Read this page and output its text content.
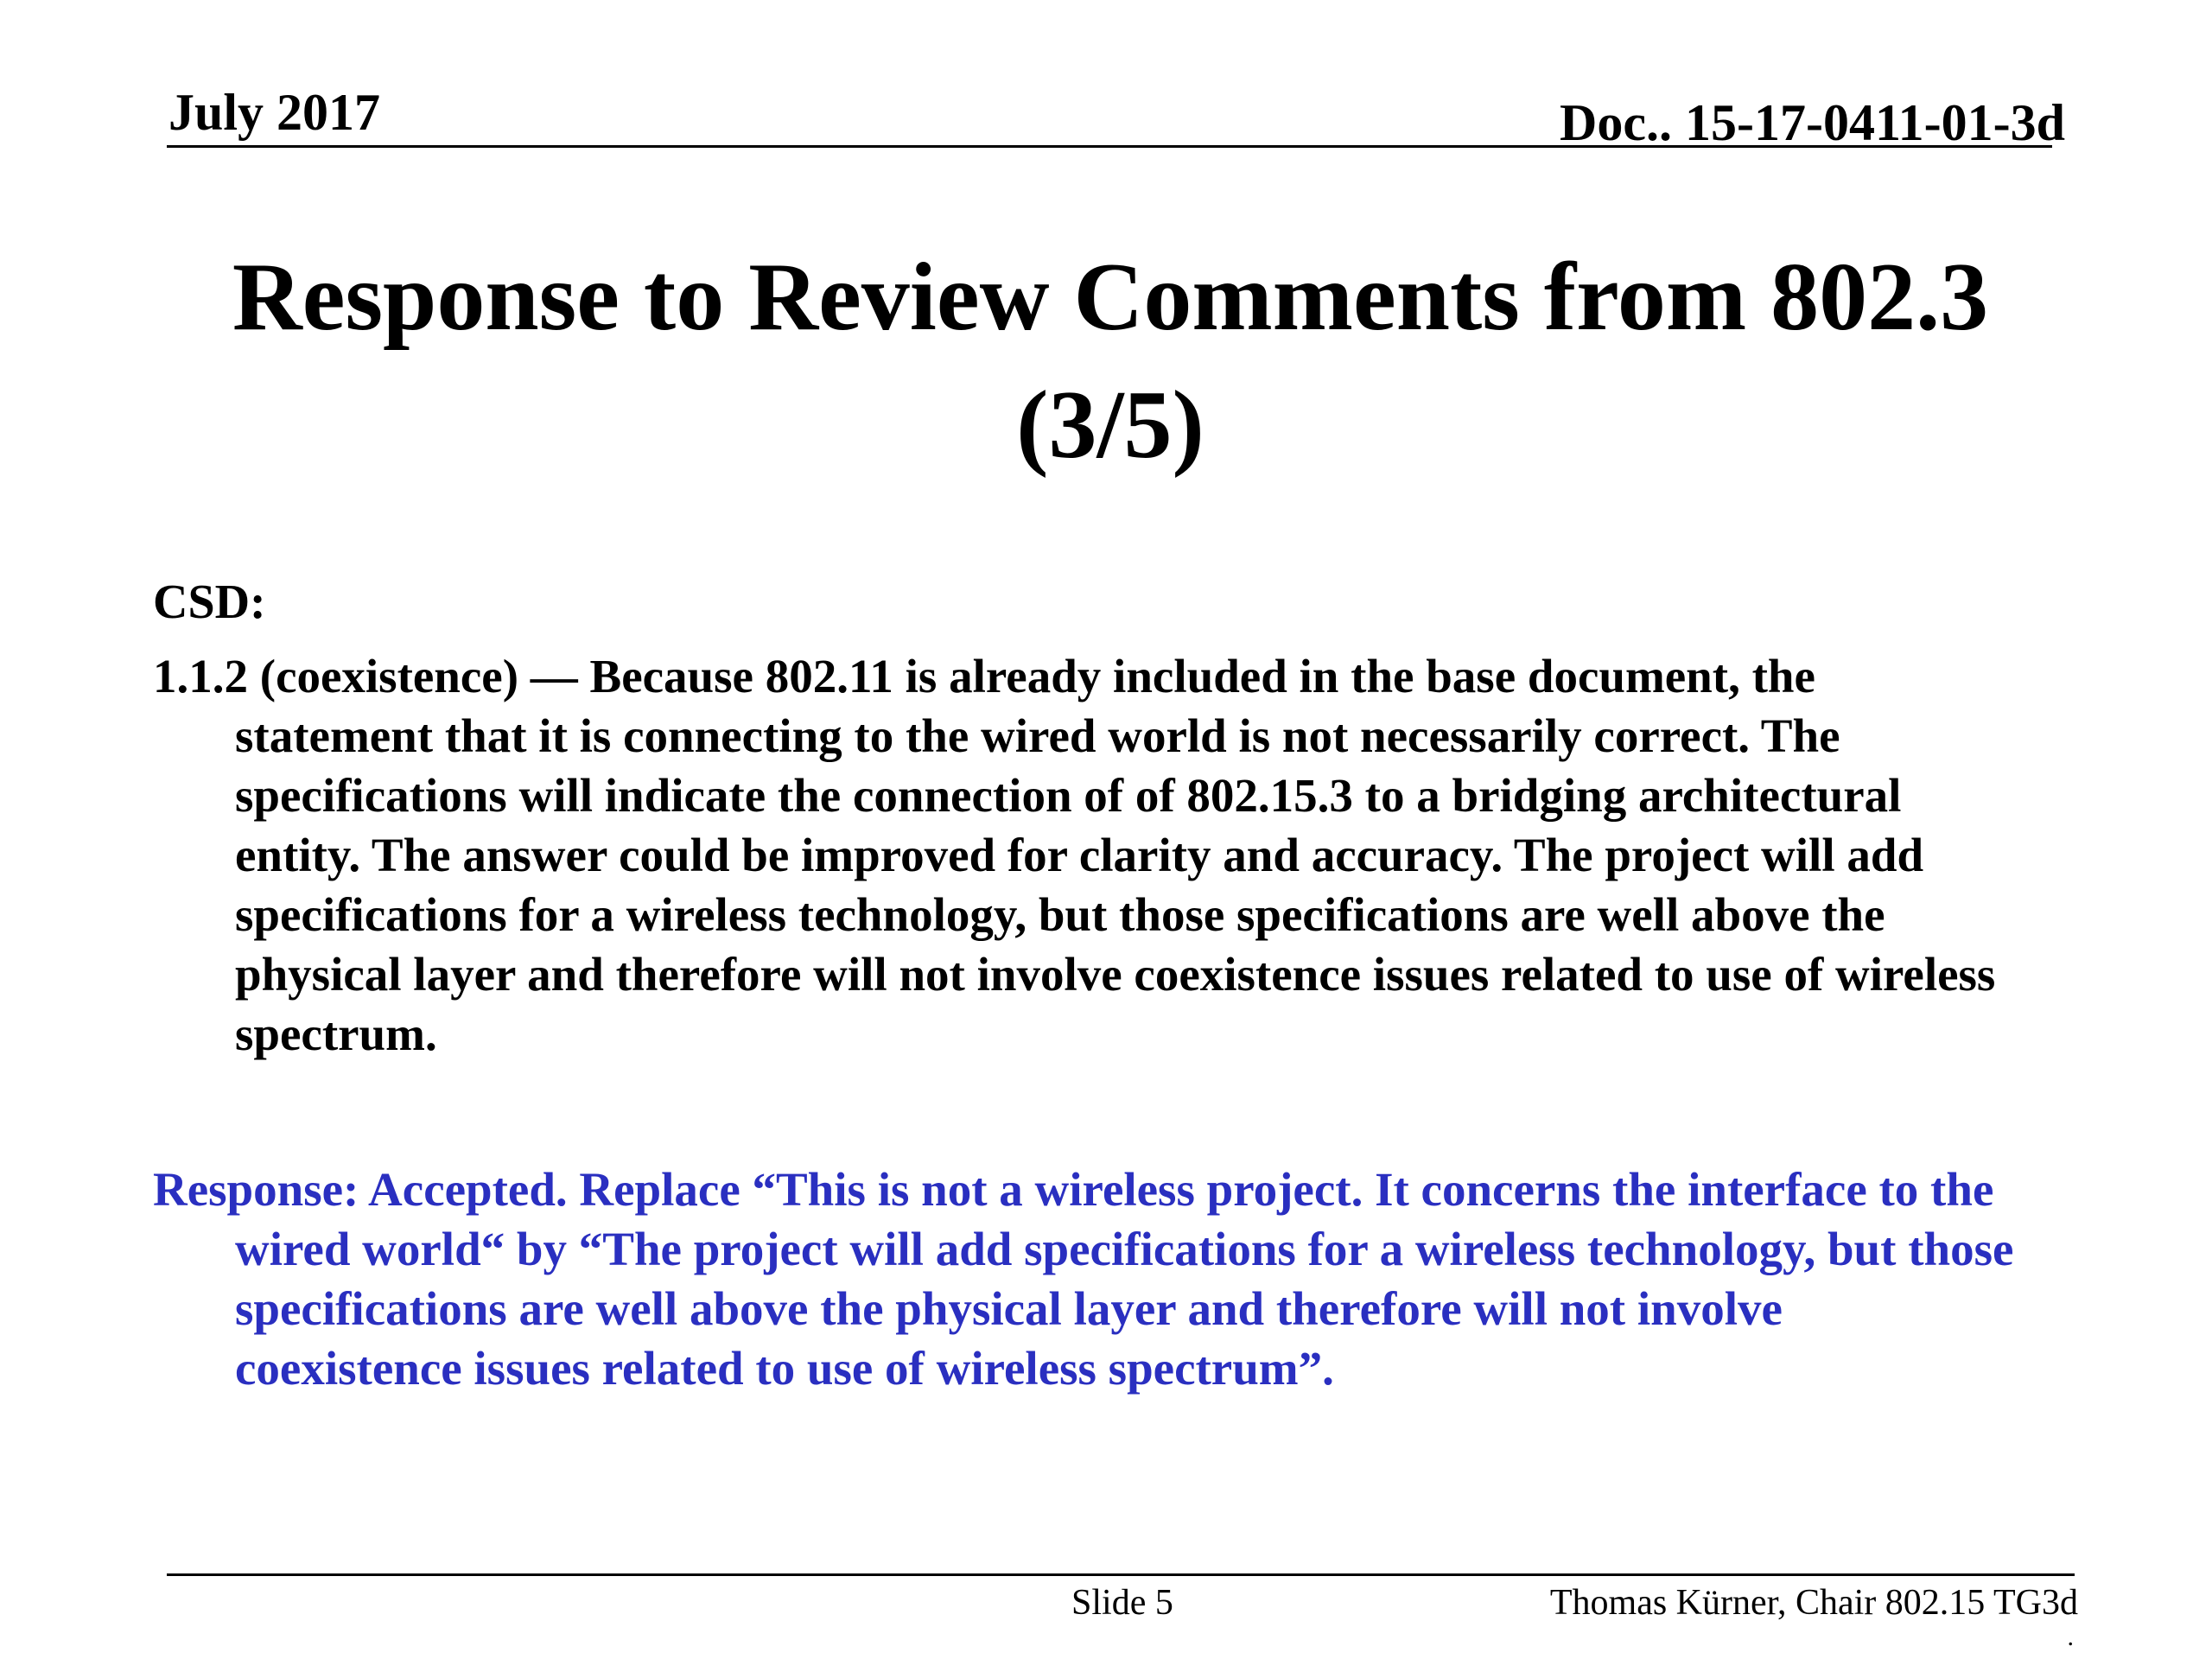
July 2017	Doc.. 15-17-0411-01-3d
Response to Review Comments from 802.3
(3/5)
CSD:
1.1.2 (coexistence) — Because 802.11 is already included in the base document, the statement that it is connecting to the wired world is not necessarily correct. The specifications will indicate the connection of of 802.15.3 to a bridging architectural entity. The answer could be improved for clarity and accuracy. The project will add specifications for a wireless technology, but those specifications are well above the physical layer and therefore will not involve coexistence issues related to use of wireless spectrum.
Response: Accepted. Replace “This is not a wireless project. It concerns the interface to the wired world“ by “The project will add specifications for a wireless technology, but those specifications are well above the physical layer and therefore will not involve coexistence issues related to use of wireless spectrum”.
Slide 5	Thomas Kürner, Chair 802.15 TG3d
.
